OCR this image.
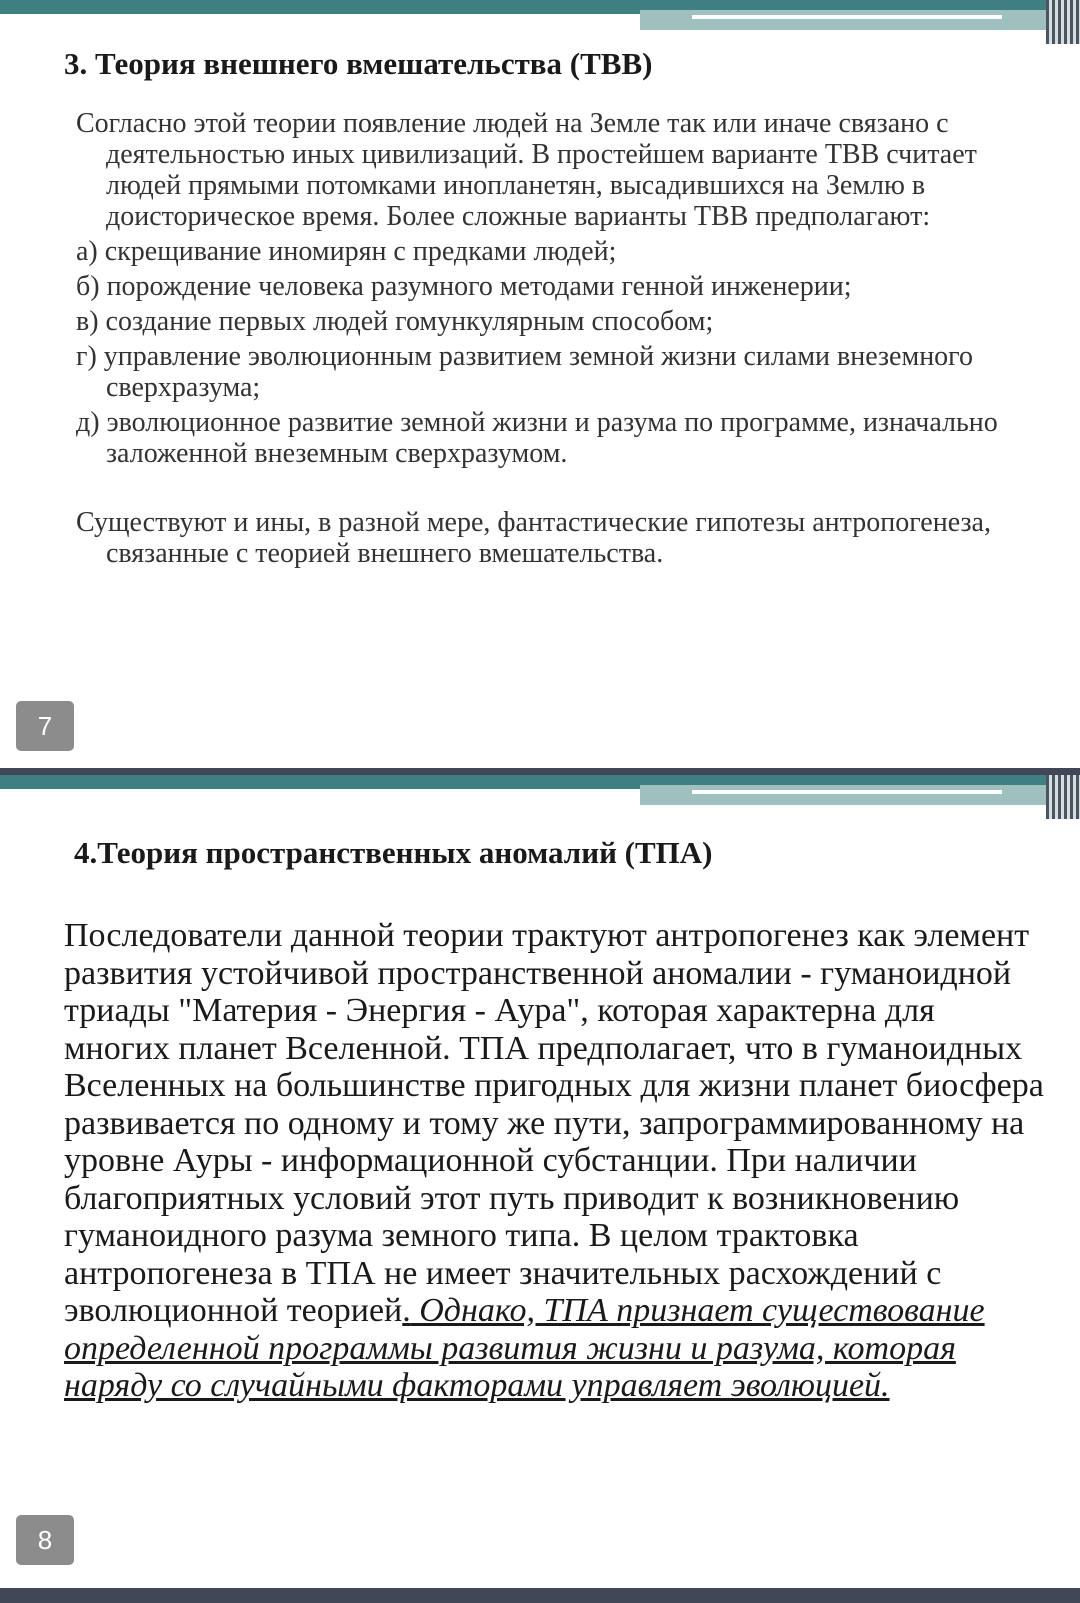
3. Теория внешнего вмешательства (ТВВ)

Согласно этой теории появление людей на Земле так или иначе связано с деятельностью иных цивилизаций. В простейшем варианте ТВВ считает людей прямыми потомками инопланетян, высадившихся на Землю в доисторическое время. Более сложные варианты ТВВ предполагают:

а) скрещивание иномирян с предками людей;

б) порождение человека разумного методами генной инженерии;

в) создание первых людей гомункулярным способом;

г) управление эволюционным развитием земной жизни силами внеземного сверхразума;

д) эволюционное развитие земной жизни и разума по программе, изначально заложенной внеземным сверхразумом.

Существуют и ины, в разной мере, фантастические гипотезы антропогенеза, связанные с теорией внешнего вмешательства.

7
4.Теория пространственных аномалий (ТПА)

Последователи данной теории трактуют антропогенез как элемент развития устойчивой пространственной аномалии - гуманоидной триады "Материя - Энергия - Аура", которая характерна для многих планет Вселенной. ТПА предполагает, что в гуманоидных Вселенных на большинстве пригодных для жизни планет биосфера развивается по одному и тому же пути, запрограммированному на уровне Ауры - информационной субстанции. При наличии благоприятных условий этот путь приводит к возникновению гуманоидного разума земного типа. В целом трактовка антропогенеза в ТПА не имеет значительных расхождений с эволюционной теорией. Однако, ТПА признает существование определенной программы развития жизни и разума, которая наряду со случайными факторами управляет эволюцией.

8
